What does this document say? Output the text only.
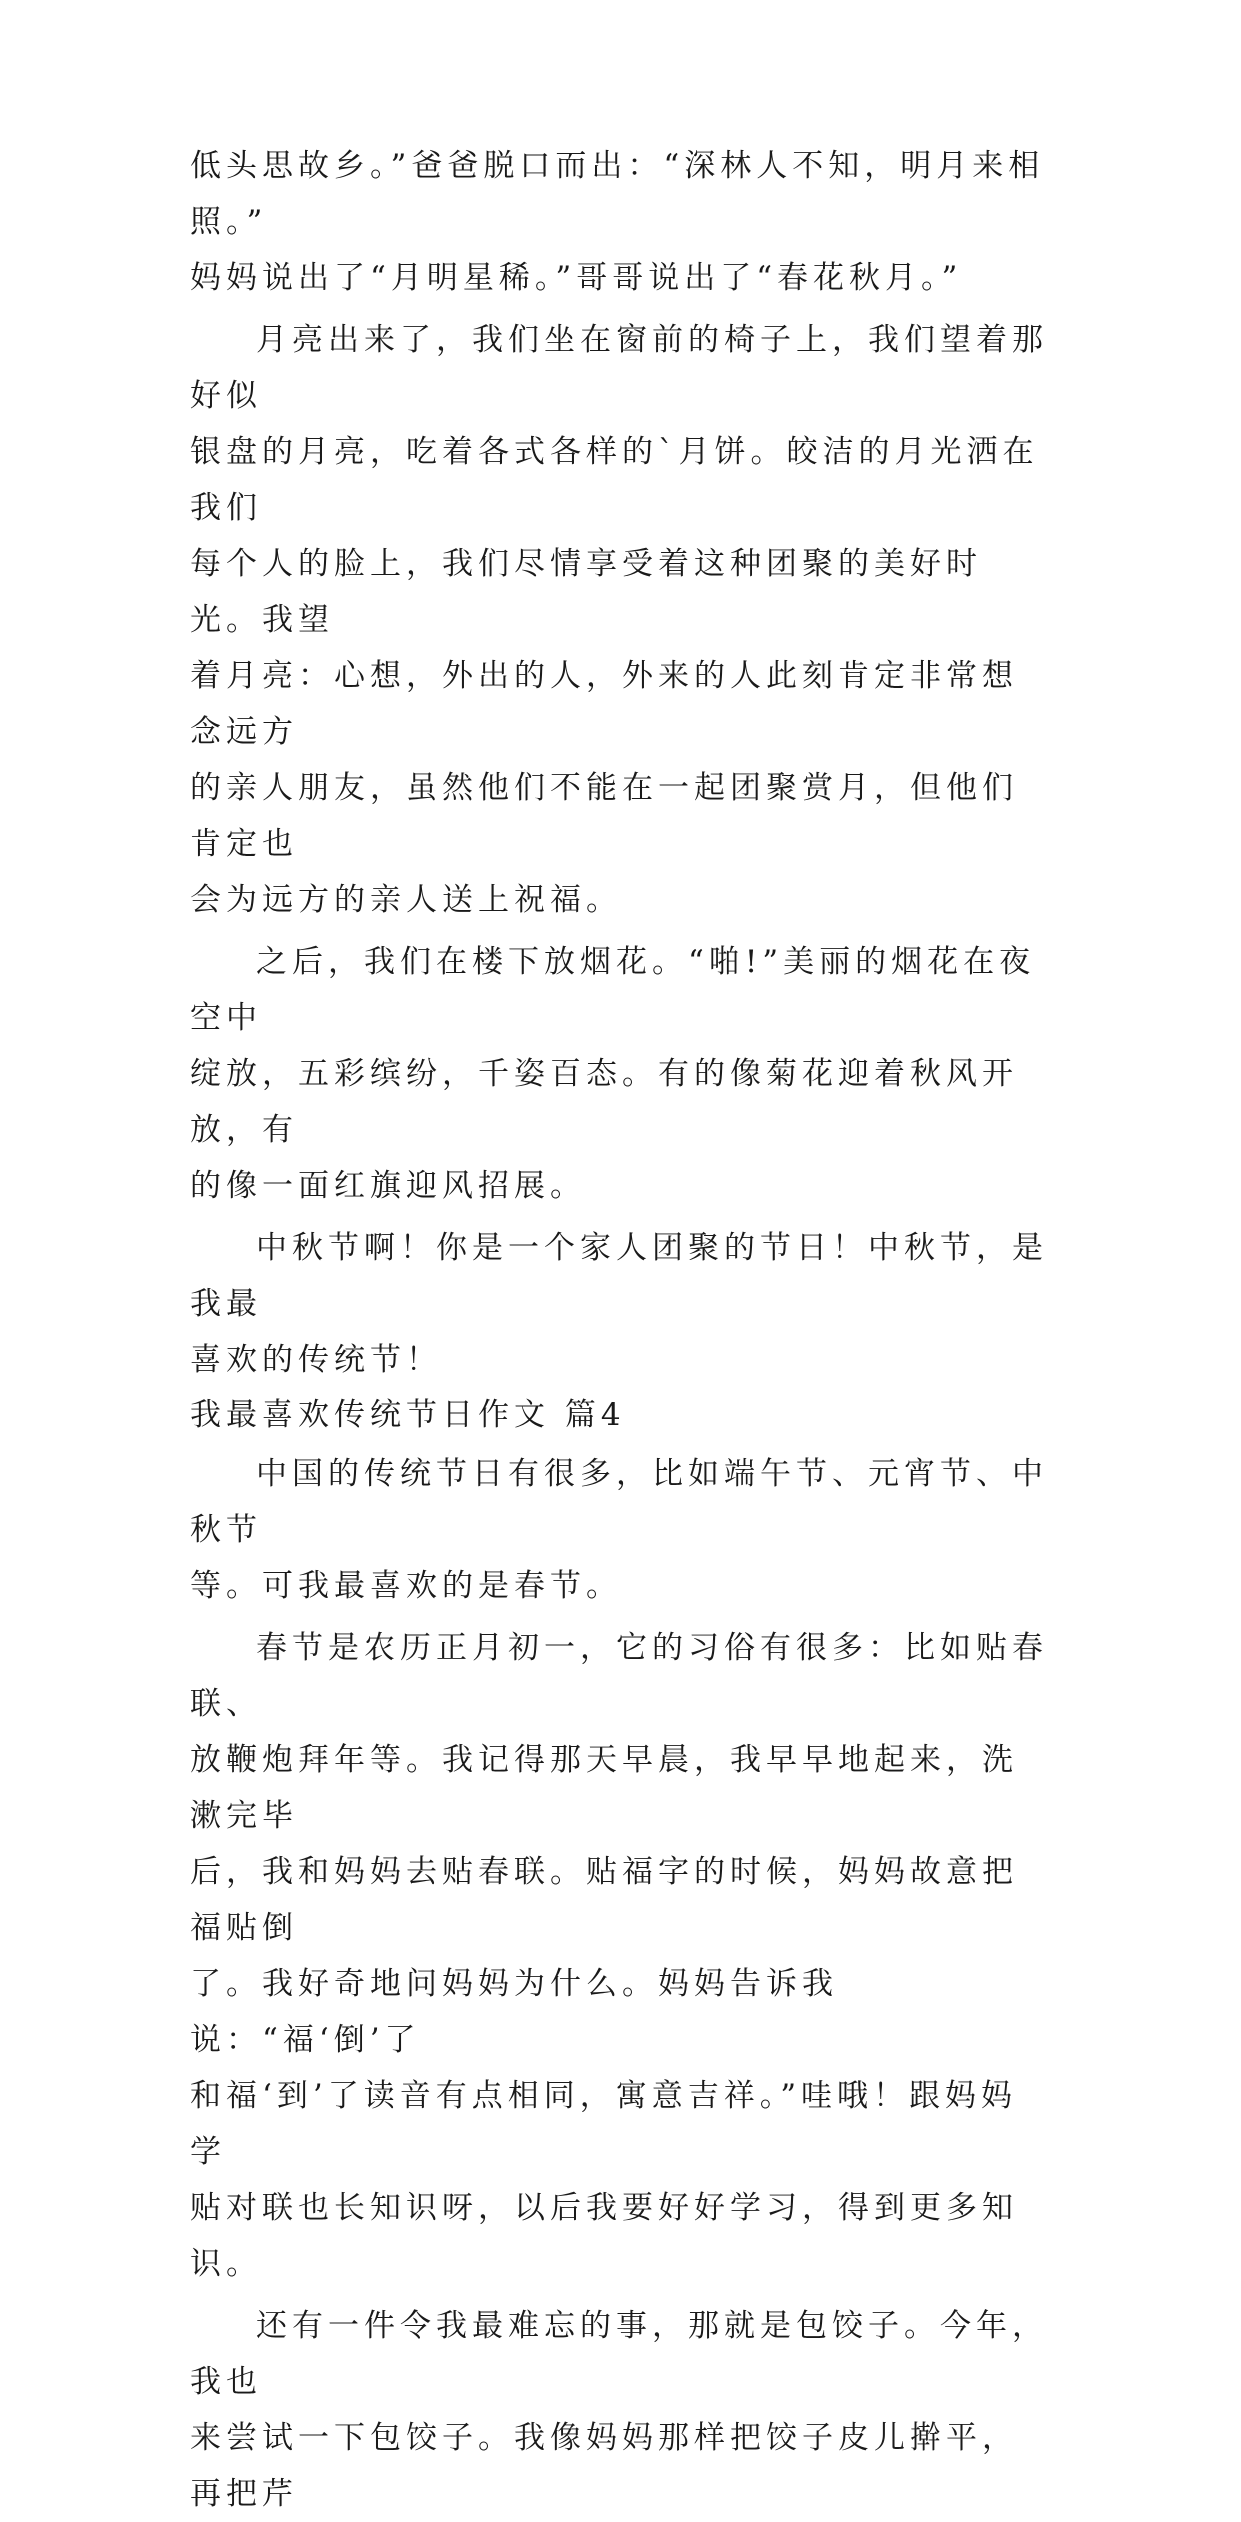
低头思故乡。”爸爸脱口而出：“深林人不知，明月来相照。”
妈妈说出了“月明星稀。”哥哥说出了“春花秋月。”

月亮出来了，我们坐在窗前的椅子上，我们望着那好似
银盘的月亮，吃着各式各样的`月饼。皎洁的月光洒在我们
每个人的脸上，我们尽情享受着这种团聚的美好时光。我望
着月亮：心想，外出的人，外来的人此刻肯定非常想念远方
的亲人朋友，虽然他们不能在一起团聚赏月，但他们肯定也
会为远方的亲人送上祝福。

之后，我们在楼下放烟花。“啪!”美丽的烟花在夜空中
绽放，五彩缤纷，千姿百态。有的像菊花迎着秋风开放，有
的像一面红旗迎风招展。

中秋节啊！你是一个家人团聚的节日！中秋节，是我最
喜欢的传统节！

我最喜欢传统节日作文 篇4

中国的传统节日有很多，比如端午节、元宵节、中秋节
等。可我最喜欢的是春节。

春节是农历正月初一，它的习俗有很多：比如贴春联、
放鞭炮拜年等。我记得那天早晨，我早早地起来，洗漱完毕
后，我和妈妈去贴春联。贴福字的时候，妈妈故意把福贴倒
了。我好奇地问妈妈为什么。妈妈告诉我说：“福‘倒’了
和福‘到’了读音有点相同，寓意吉祥。”哇哦！跟妈妈学
贴对联也长知识呀，以后我要好好学习，得到更多知识。

还有一件令我最难忘的事，那就是包饺子。今年，我也
来尝试一下包饺子。我像妈妈那样把饺子皮儿擀平，再把芹
